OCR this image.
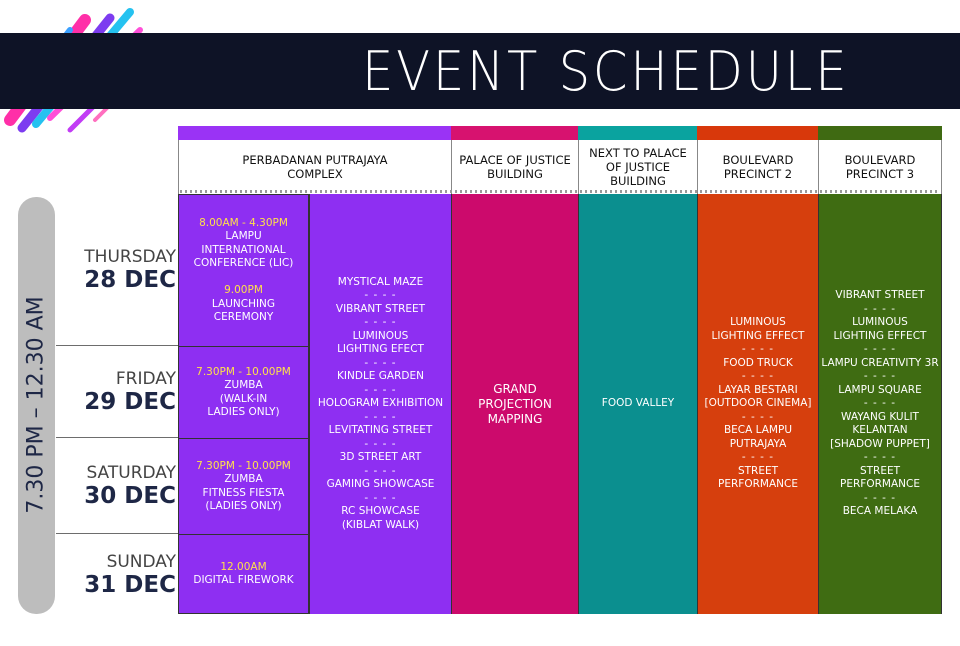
EVENT SCHEDULE
7.30 PM – 12.30 AM
THURSDAY
28 DEC
FRIDAY
29 DEC
SATURDAY
30 DEC
SUNDAY
31 DEC
PERBADANAN PUTRAJAYA COMPLEX
PALACE OF JUSTICE BUILDING
NEXT TO PALACE OF JUSTICE BUILDING
BOULEVARD PRECINCT 2
BOULEVARD PRECINCT 3
8.00AM - 4.30PM
LAMPU
INTERNATIONAL
CONFERENCE (LIC)

9.00PM
LAUNCHING
CEREMONY
7.30PM - 10.00PM
ZUMBA
(WALK-IN
LADIES ONLY)
7.30PM - 10.00PM
ZUMBA
FITNESS FIESTA
(LADIES ONLY)
12.00AM
DIGITAL FIREWORK
MYSTICAL MAZE
- - - -
VIBRANT STREET
- - - -
LUMINOUS
LIGHTING EFECT
- - - -
KINDLE GARDEN
- - - -
HOLOGRAM EXHIBITION
- - - -
LEVITATING STREET
- - - -
3D STREET ART
- - - -
GAMING SHOWCASE
- - - -
RC SHOWCASE
(KIBLAT WALK)
GRAND
PROJECTION
MAPPING
FOOD VALLEY
LUMINOUS
LIGHTING EFFECT
- - - -
FOOD TRUCK
- - - -
LAYAR BESTARI
[OUTDOOR CINEMA]
- - - -
BECA LAMPU
PUTRAJAYA
- - - -
STREET
PERFORMANCE
VIBRANT STREET
- - - -
LUMINOUS
LIGHTING EFFECT
- - - -
LAMPU CREATIVITY 3R
- - - -
LAMPU SQUARE
- - - -
WAYANG KULIT
KELANTAN
[SHADOW PUPPET]
- - - -
STREET
PERFORMANCE
- - - -
BECA MELAKA
